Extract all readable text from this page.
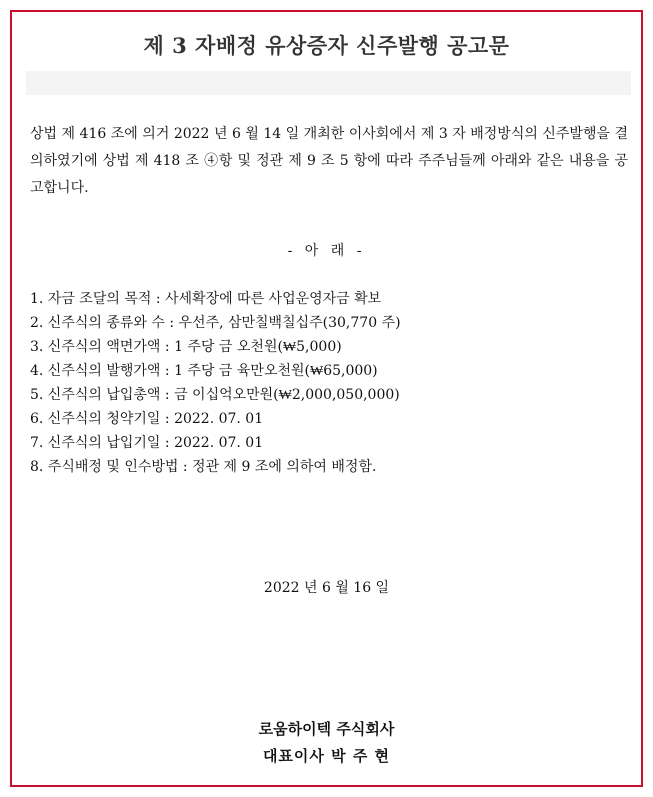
제 3 자배정 유상증자 신주발행 공고문

상법 제 416 조에 의거 2022 년 6 월 14 일 개최한 이사회에서 제 3 자 배정방식의 신주발행을 결의하였기에 상법 제 418 조 ④항 및 정관 제 9 조 5 항에 따라 주주님들께 아래와 같은 내용을 공고합니다.

- 아 래 -
1. 자금 조달의 목적 : 사세확장에 따른 사업운영자금 확보
2. 신주식의 종류와 수 : 우선주, 삼만칠백칠십주(30,770 주)
3. 신주식의 액면가액 : 1 주당 금 오천원(₩5,000)
4. 신주식의 발행가액 : 1 주당 금 육만오천원(₩65,000)
5. 신주식의 납입총액 : 금 이십억오만원(₩2,000,050,000)
6. 신주식의 청약기일 : 2022. 07. 01
7. 신주식의 납입기일 : 2022. 07. 01
8. 주식배정 및 인수방법 : 정관 제 9 조에 의하여 배정함.
2022 년 6 월 16 일
로움하이텍 주식회사
대표이사 박 주 현
